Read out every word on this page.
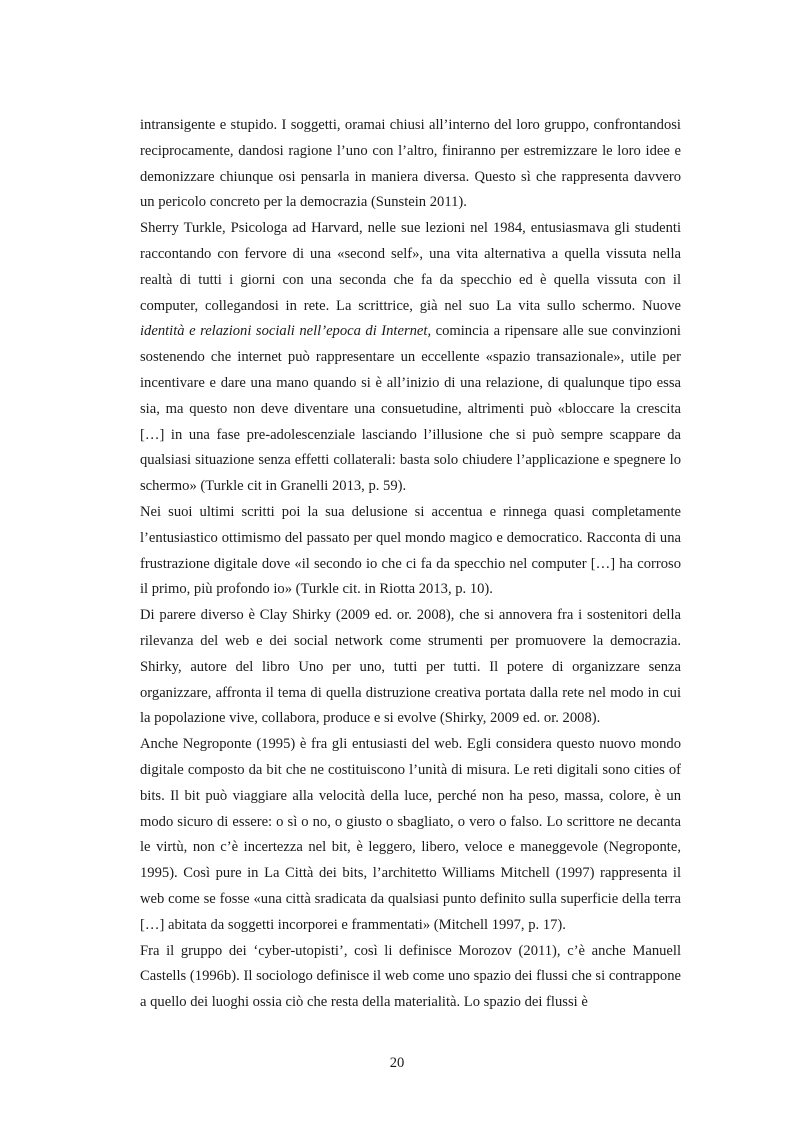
intransigente e stupido. I soggetti, oramai chiusi all’interno del loro gruppo, confrontandosi reciprocamente, dandosi ragione l’uno con l’altro, finiranno per estremizzare le loro idee e demonizzare chiunque osi pensarla in maniera diversa. Questo sì che rappresenta davvero un pericolo concreto per la democrazia (Sunstein 2011).

Sherry Turkle, Psicologa ad Harvard, nelle sue lezioni nel 1984, entusiasmava gli studenti raccontando con fervore di una «second self», una vita alternativa a quella vissuta nella realtà di tutti i giorni con una seconda che fa da specchio ed è quella vissuta con il computer, collegandosi in rete. La scrittrice, già nel suo La vita sullo schermo. Nuove identità e relazioni sociali nell’epoca di Internet, comincia a ripensare alle sue convinzioni sostenendo che internet può rappresentare un eccellente «spazio transazionale», utile per incentivare e dare una mano quando si è all’inizio di una relazione, di qualunque tipo essa sia, ma questo non deve diventare una consuetudine, altrimenti può «bloccare la crescita […] in una fase pre-adolescenziale lasciando l’illusione che si può sempre scappare da qualsiasi situazione senza effetti collaterali: basta solo chiudere l’applicazione e spegnere lo schermo» (Turkle cit in Granelli 2013, p. 59).

Nei suoi ultimi scritti poi la sua delusione si accentua e rinnega quasi completamente l’entusiastico ottimismo del passato per quel mondo magico e democratico. Racconta di una frustrazione digitale dove «il secondo io che ci fa da specchio nel computer […] ha corroso il primo, più profondo io» (Turkle cit. in Riotta 2013, p. 10).

Di parere diverso è Clay Shirky (2009 ed. or. 2008), che si annovera fra i sostenitori della rilevanza del web e dei social network come strumenti per promuovere la democrazia. Shirky, autore del libro Uno per uno, tutti per tutti. Il potere di organizzare senza organizzare, affronta il tema di quella distruzione creativa portata dalla rete nel modo in cui la popolazione vive, collabora, produce e si evolve (Shirky, 2009 ed. or. 2008).

Anche Negroponte (1995) è fra gli entusiasti del web. Egli considera questo nuovo mondo digitale composto da bit che ne costituiscono l’unità di misura. Le reti digitali sono cities of bits. Il bit può viaggiare alla velocità della luce, perché non ha peso, massa, colore, è un modo sicuro di essere: o sì o no, o giusto o sbagliato, o vero o falso. Lo scrittore ne decanta le virtù, non c’è incertezza nel bit, è leggero, libero, veloce e maneggevole (Negroponte, 1995). Così pure in La Città dei bits, l’architetto Williams Mitchell (1997) rappresenta il web come se fosse «una città sradicata da qualsiasi punto definito sulla superficie della terra […] abitata da soggetti incorporei e frammentati» (Mitchell 1997, p. 17).

Fra il gruppo dei ‘cyber-utopisti’, così li definisce Morozov (2011), c’è anche Manuell Castells (1996b). Il sociologo definisce il web come uno spazio dei flussi che si contrappone a quello dei luoghi ossia ciò che resta della materialità. Lo spazio dei flussi è

20
